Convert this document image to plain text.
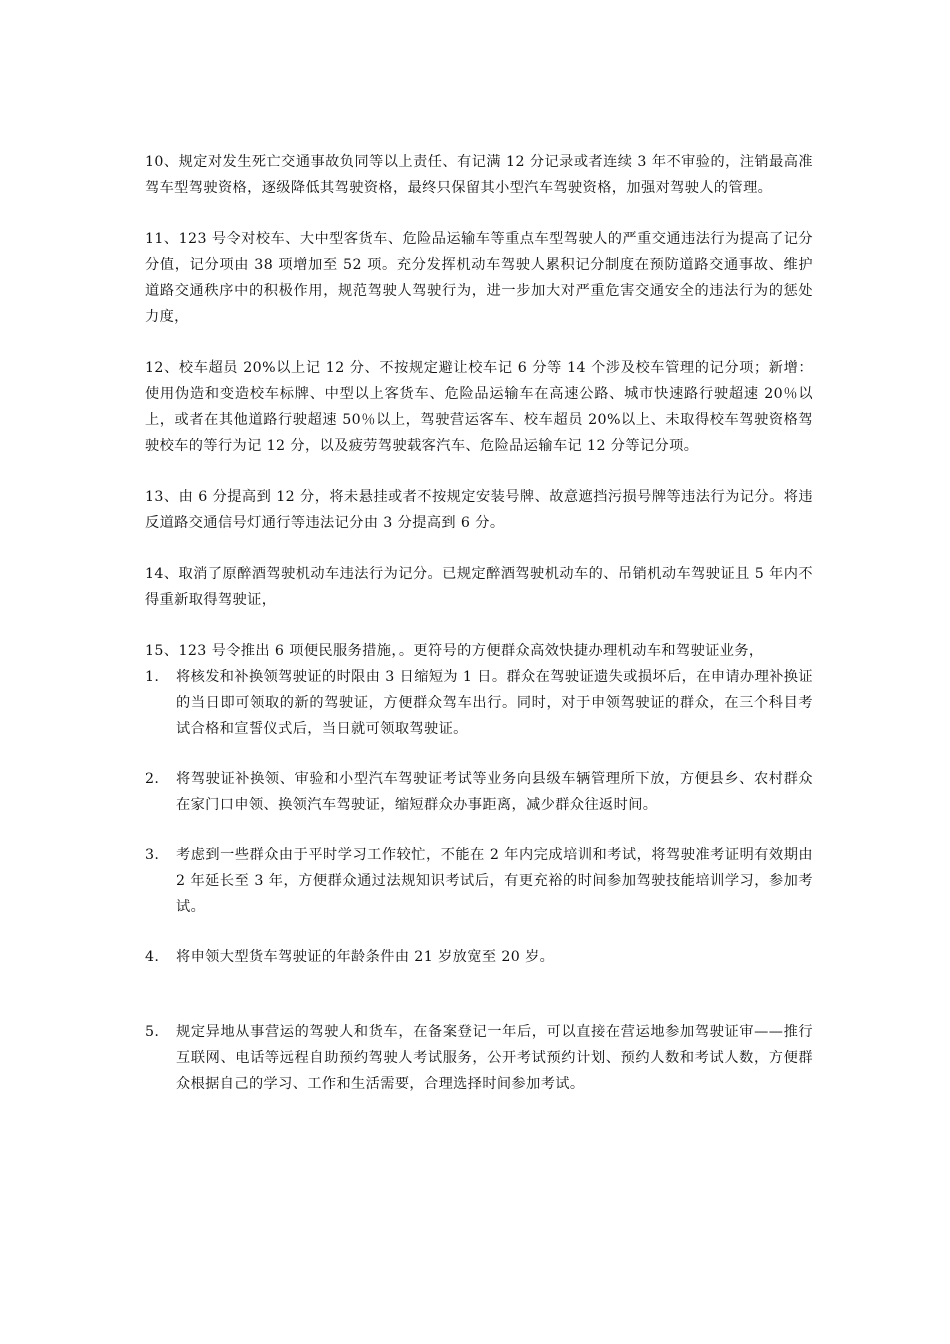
10、规定对发生死亡交通事故负同等以上责任、有记满 12 分记录或者连续 3 年不审验的，注销最高准驾车型驾驶资格，逐级降低其驾驶资格，最终只保留其小型汽车驾驶资格，加强对驾驶人的管理。

11、123 号令对校车、大中型客货车、危险品运输车等重点车型驾驶人的严重交通违法行为提高了记分分值，记分项由 38 项增加至 52 项。充分发挥机动车驾驶人累积记分制度在预防道路交通事故、维护道路交通秩序中的积极作用，规范驾驶人驾驶行为，进一步加大对严重危害交通安全的违法行为的惩处力度，

12、校车超员 20%以上记 12 分、不按规定避让校车记 6 分等 14 个涉及校车管理的记分项；新增：使用伪造和变造校车标牌、中型以上客货车、危险品运输车在高速公路、城市快速路行驶超速 20％以上，或者在其他道路行驶超速 50％以上，驾驶营运客车、校车超员 20%以上、未取得校车驾驶资格驾驶校车的等行为记 12 分，以及疲劳驾驶载客汽车、危险品运输车记 12 分等记分项。

13、由 6 分提高到 12 分，将未悬挂或者不按规定安装号牌、故意遮挡污损号牌等违法行为记分。将违反道路交通信号灯通行等违法记分由 3 分提高到 6 分。

14、取消了原醉酒驾驶机动车违法行为记分。已规定醉酒驾驶机动车的、吊销机动车驾驶证且 5 年内不得重新取得驾驶证，

15、123 号令推出 6 项便民服务措施，。更符号的方便群众高效快捷办理机动车和驾驶证业务，

1.	将核发和补换领驾驶证的时限由 3 日缩短为 1 日。群众在驾驶证遗失或损坏后，在申请办理补换证的当日即可领取的新的驾驶证，方便群众驾车出行。同时，对于申领驾驶证的群众，在三个科目考试合格和宣誓仪式后，当日就可领取驾驶证。
2.	将驾驶证补换领、审验和小型汽车驾驶证考试等业务向县级车辆管理所下放，方便县乡、农村群众在家门口申领、换领汽车驾驶证，缩短群众办事距离，减少群众往返时间。
3.	考虑到一些群众由于平时学习工作较忙，不能在 2 年内完成培训和考试，将驾驶准考证明有效期由 2 年延长至 3 年，方便群众通过法规知识考试后，有更充裕的时间参加驾驶技能培训学习，参加考试。
4.	将申领大型货车驾驶证的年龄条件由 21 岁放宽至 20 岁。
5.	规定异地从事营运的驾驶人和货车，在备案登记一年后，可以直接在营运地参加驾驶证审——推行互联网、电话等远程自助预约驾驶人考试服务，公开考试预约计划、预约人数和考试人数，方便群众根据自己的学习、工作和生活需要，合理选择时间参加考试。
